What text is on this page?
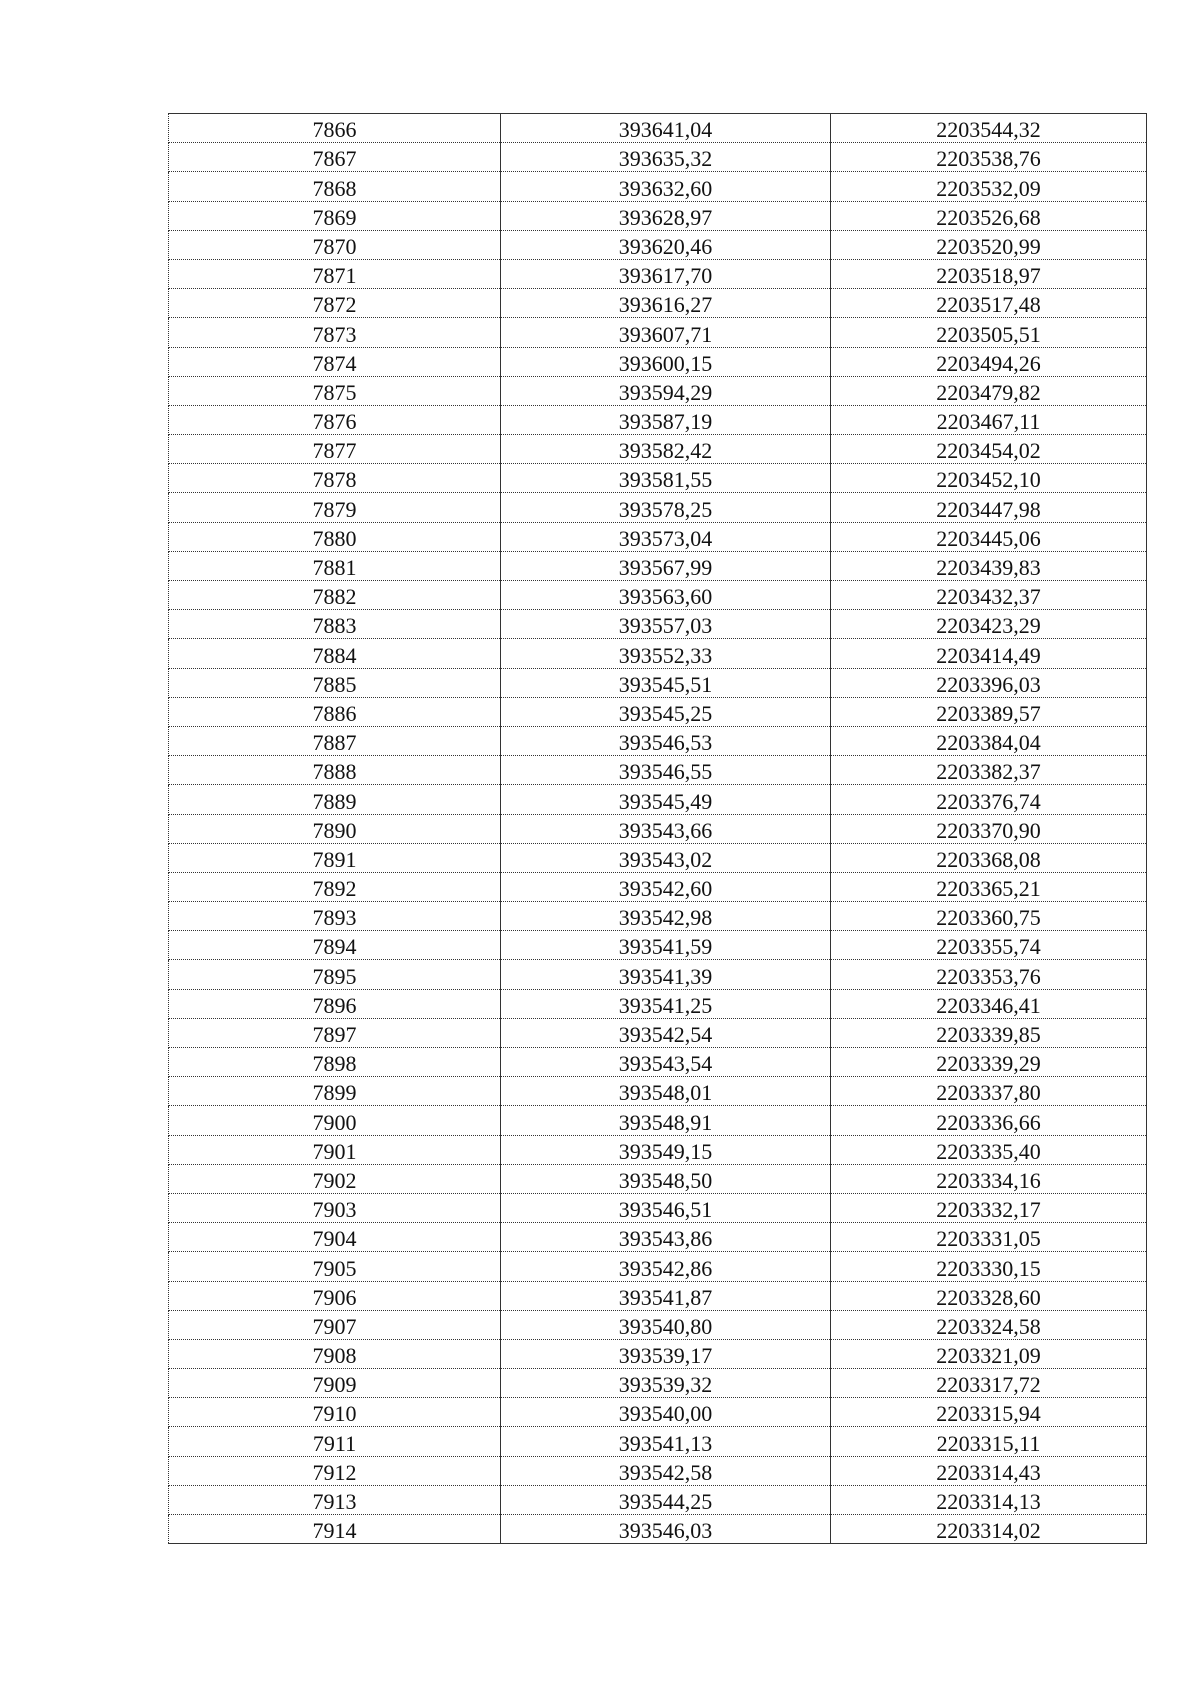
7866	393641,04	2203544,32
7867	393635,32	2203538,76
7868	393632,60	2203532,09
7869	393628,97	2203526,68
7870	393620,46	2203520,99
7871	393617,70	2203518,97
7872	393616,27	2203517,48
7873	393607,71	2203505,51
7874	393600,15	2203494,26
7875	393594,29	2203479,82
7876	393587,19	2203467,11
7877	393582,42	2203454,02
7878	393581,55	2203452,10
7879	393578,25	2203447,98
7880	393573,04	2203445,06
7881	393567,99	2203439,83
7882	393563,60	2203432,37
7883	393557,03	2203423,29
7884	393552,33	2203414,49
7885	393545,51	2203396,03
7886	393545,25	2203389,57
7887	393546,53	2203384,04
7888	393546,55	2203382,37
7889	393545,49	2203376,74
7890	393543,66	2203370,90
7891	393543,02	2203368,08
7892	393542,60	2203365,21
7893	393542,98	2203360,75
7894	393541,59	2203355,74
7895	393541,39	2203353,76
7896	393541,25	2203346,41
7897	393542,54	2203339,85
7898	393543,54	2203339,29
7899	393548,01	2203337,80
7900	393548,91	2203336,66
7901	393549,15	2203335,40
7902	393548,50	2203334,16
7903	393546,51	2203332,17
7904	393543,86	2203331,05
7905	393542,86	2203330,15
7906	393541,87	2203328,60
7907	393540,80	2203324,58
7908	393539,17	2203321,09
7909	393539,32	2203317,72
7910	393540,00	2203315,94
7911	393541,13	2203315,11
7912	393542,58	2203314,43
7913	393544,25	2203314,13
7914	393546,03	2203314,02
